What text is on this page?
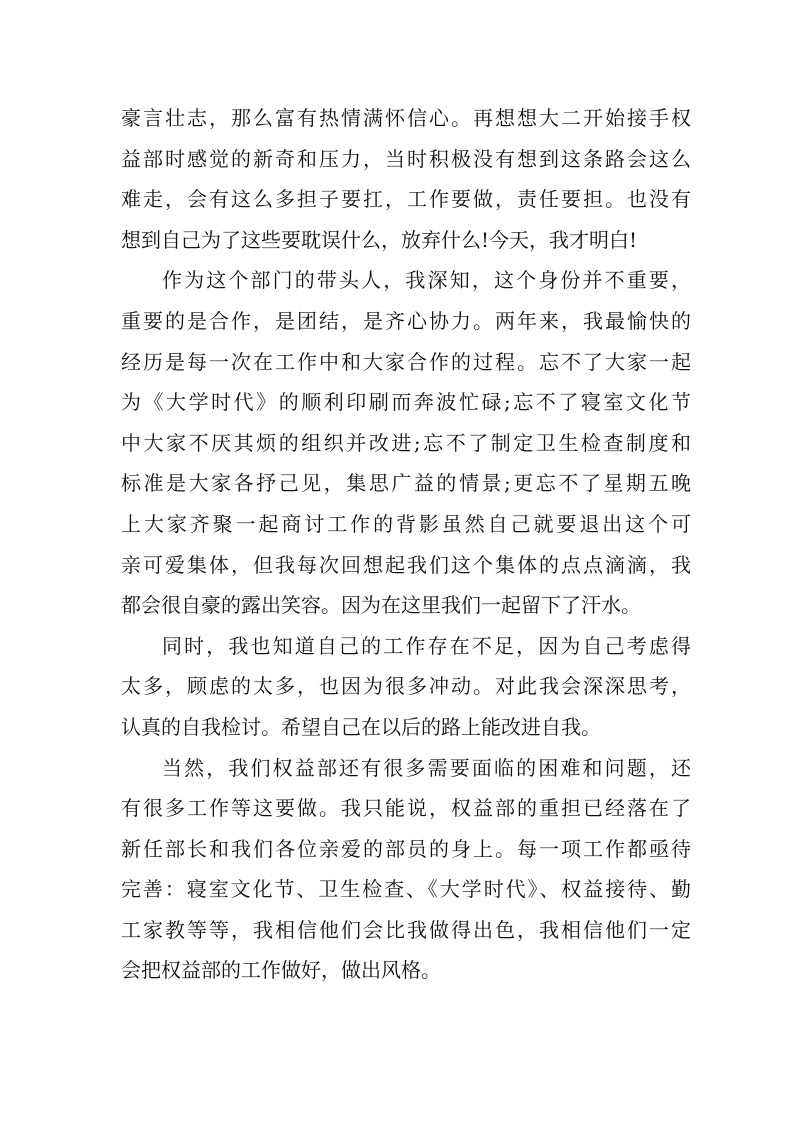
豪言壮志，那么富有热情满怀信心。再想想大二开始接手权
益部时感觉的新奇和压力，当时积极没有想到这条路会这么
难走，会有这么多担子要扛，工作要做，责任要担。也没有
想到自己为了这些要耽误什么，放弃什么!今天，我才明白!
作为这个部门的带头人，我深知，这个身份并不重要，
重要的是合作，是团结，是齐心协力。两年来，我最愉快的
经历是每一次在工作中和大家合作的过程。忘不了大家一起
为《大学时代》的顺利印刷而奔波忙碌;忘不了寝室文化节
中大家不厌其烦的组织并改进;忘不了制定卫生检查制度和
标准是大家各抒己见，集思广益的情景;更忘不了星期五晚
上大家齐聚一起商讨工作的背影虽然自己就要退出这个可
亲可爱集体，但我每次回想起我们这个集体的点点滴滴，我
都会很自豪的露出笑容。因为在这里我们一起留下了汗水。
同时，我也知道自己的工作存在不足，因为自己考虑得
太多，顾虑的太多，也因为很多冲动。对此我会深深思考，
认真的自我检讨。希望自己在以后的路上能改进自我。
当然，我们权益部还有很多需要面临的困难和问题，还
有很多工作等这要做。我只能说，权益部的重担已经落在了
新任部长和我们各位亲爱的部员的身上。每一项工作都亟待
完善：寝室文化节、卫生检查、《大学时代》、权益接待、勤
工家教等等，我相信他们会比我做得出色，我相信他们一定
会把权益部的工作做好，做出风格。
